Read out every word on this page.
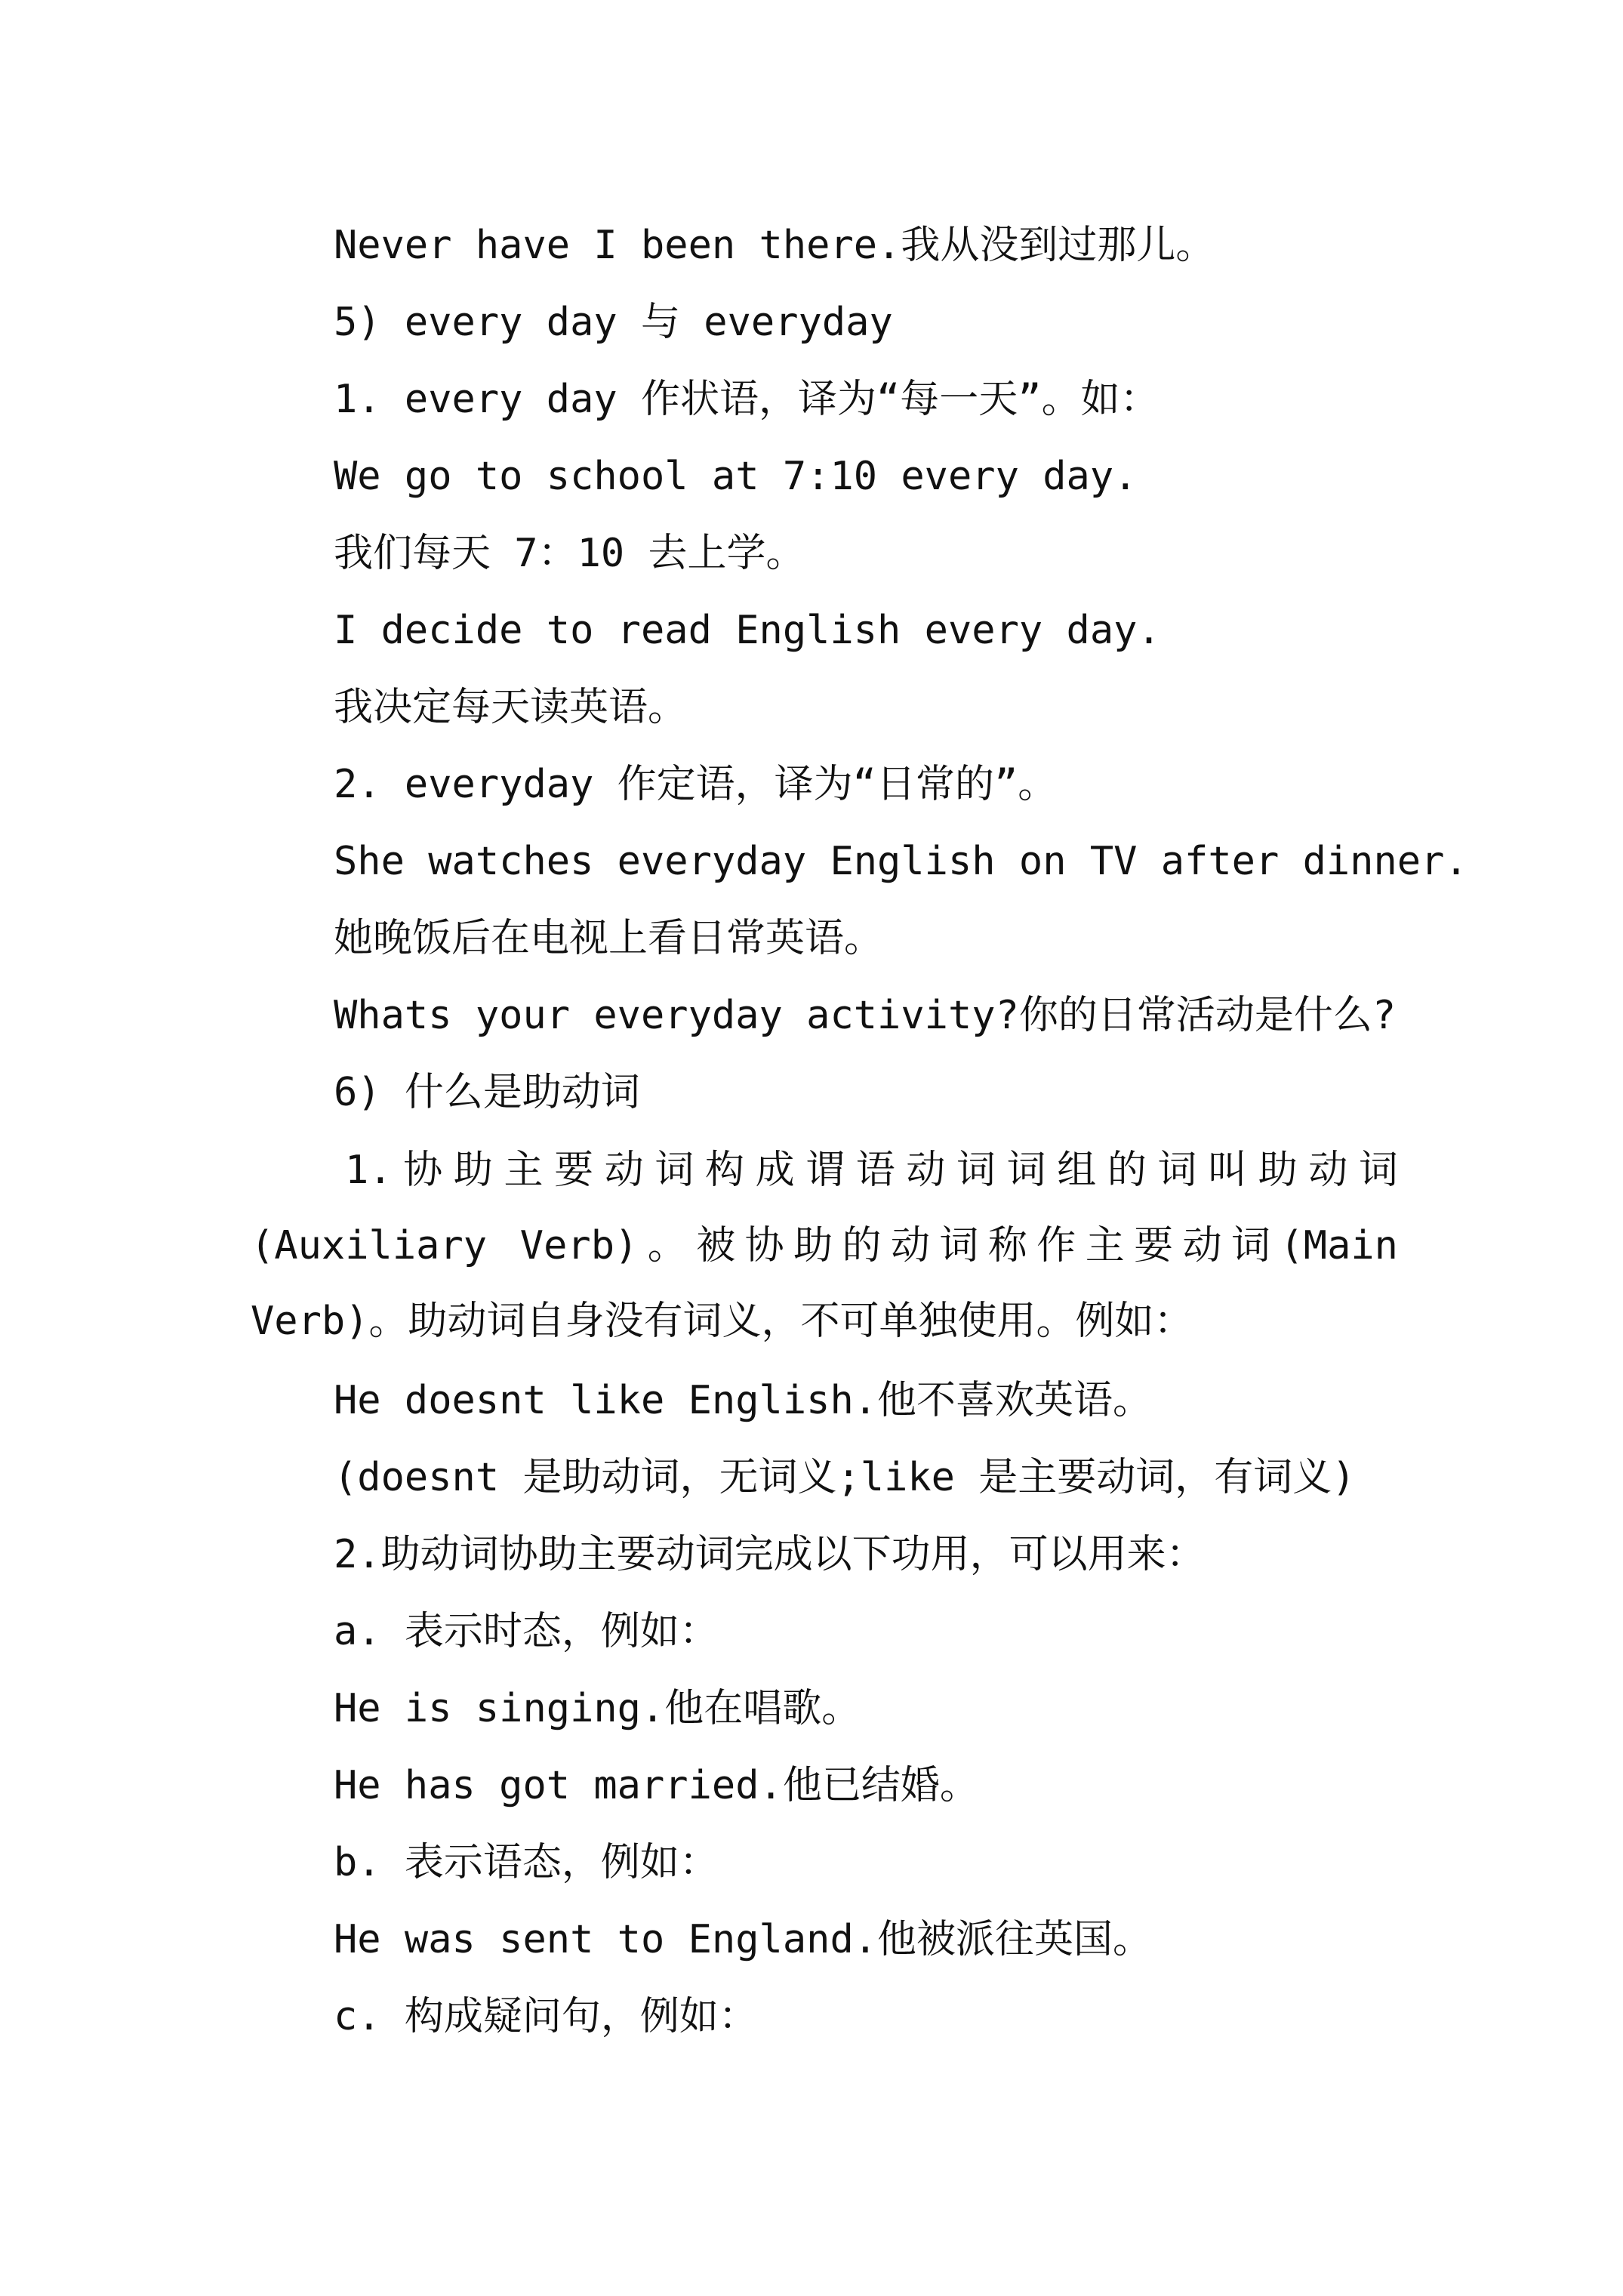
Never have I been there.我从没到过那儿。
5) every day 与 everyday
1. every day 作状语，译为“每一天”。如：
We go to school at 7:10 every day.
我们每天 7：10 去上学。
I decide to read English every day.
我决定每天读英语。
2. everyday 作定语，译为“日常的”。
She watches everyday English on TV after dinner.
她晚饭后在电视上看日常英语。
Whats your everyday activity?你的日常活动是什么?
6) 什么是助动词
1.协助主要动词构成谓语动词词组的词叫助动词(Auxiliary Verb)。被协助的动词称作主要动词(Main Verb)。助动词自身没有词义，不可单独使用。例如：
He doesnt like English.他不喜欢英语。
(doesnt 是助动词，无词义;like 是主要动词，有词义)
2.助动词协助主要动词完成以下功用，可以用来：
a. 表示时态，例如：
He is singing.他在唱歌。
He has got married.他已结婚。
b. 表示语态，例如：
He was sent to England.他被派往英国。
c. 构成疑问句，例如：
